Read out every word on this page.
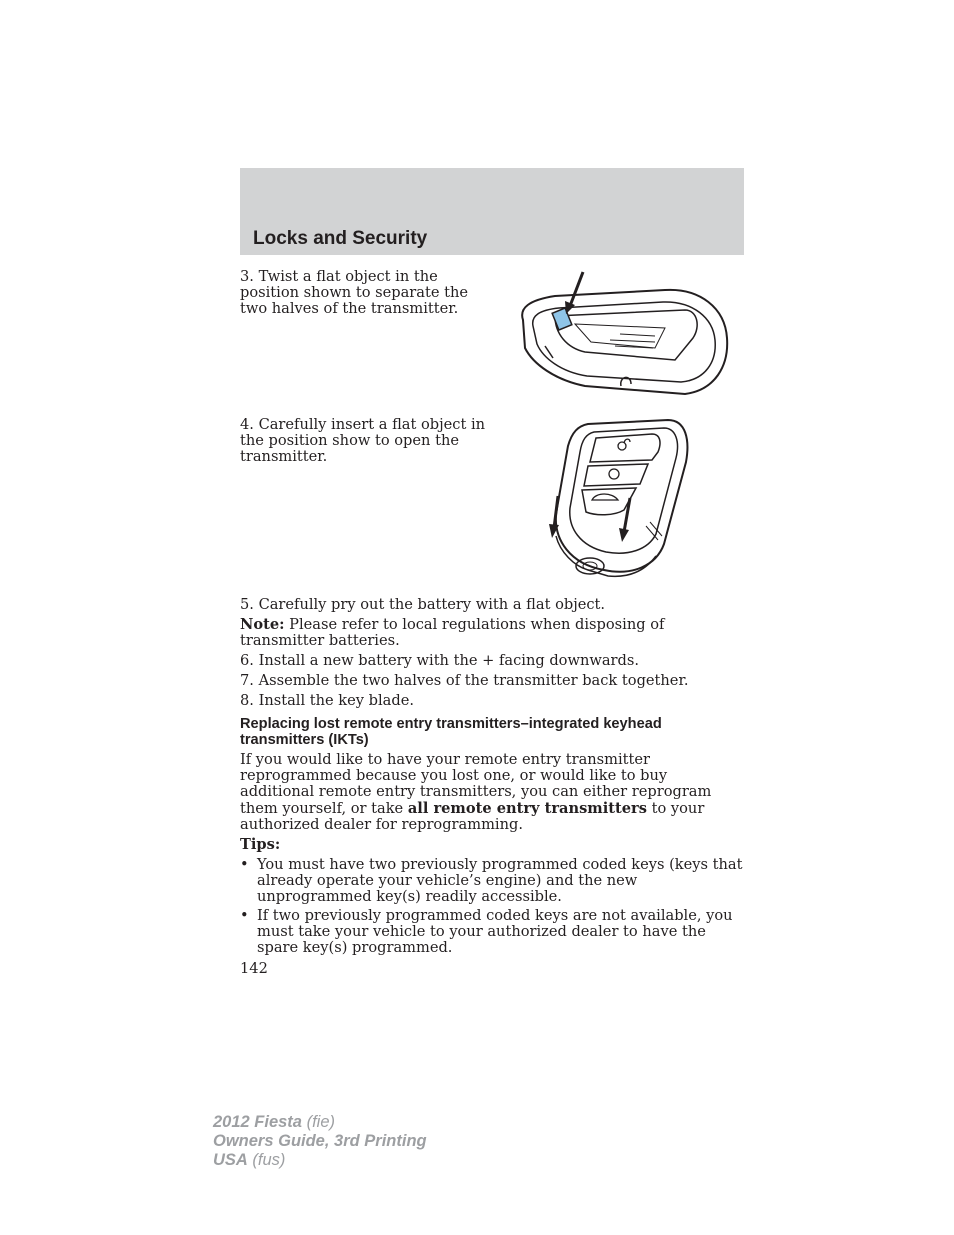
Locks and Security
3. Twist a flat object in the position shown to separate the two halves of the transmitter.
4. Carefully insert a flat object in the position show to open the transmitter.
5. Carefully pry out the battery with a flat object.
Note: Please refer to local regulations when disposing of transmitter batteries.
6. Install a new battery with the + facing downwards.
7. Assemble the two halves of the transmitter back together.
8. Install the key blade.
Replacing lost remote entry transmitters–integrated keyhead transmitters (IKTs)
If you would like to have your remote entry transmitter reprogrammed because you lost one, or would like to buy additional remote entry transmitters, you can either reprogram them yourself, or take all remote entry transmitters to your authorized dealer for reprogramming.
Tips:
• You must have two previously programmed coded keys (keys that already operate your vehicle’s engine) and the new unprogrammed key(s) readily accessible.
• If two previously programmed coded keys are not available, you must take your vehicle to your authorized dealer to have the spare key(s) programmed.
142
2012 Fiesta (fie)
Owners Guide, 3rd Printing
USA (fus)
